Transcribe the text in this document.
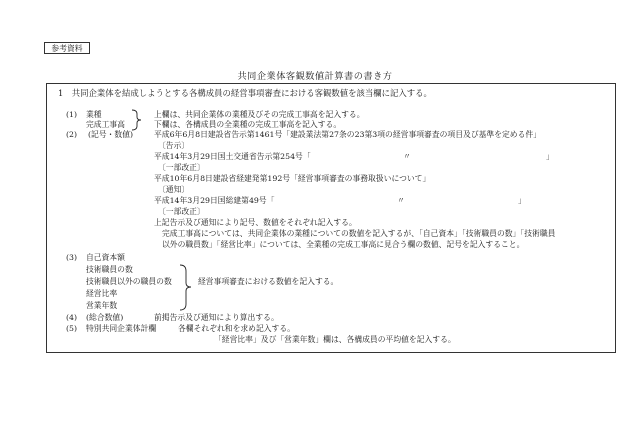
参考資料
共同企業体客観数値計算書の書き方
1　共同企業体を結成しようとする各構成員の経営事項審査における客観数値を該当欄に記入する。
(1) 業種
完成工事高
上欄は、共同企業体の業種及びその完成工事高を記入する。
下欄は、各構成員の全業種の完成工事高を記入する。
(2) (記号・数値)	平成6年6月8日建設省告示第1461号「建設業法第27条の23第3項の経営事項審査の項目及び基準を定める件」
〔告示〕
平成14年3月29日国土交通省告示第254号「	〃	」
〔一部改正〕
平成10年6月8日建設省経建発第192号「経営事項審査の事務取扱いについて」
〔通知〕
平成14年3月29日国総建第49号「	〃	」
〔一部改正〕
上記告示及び通知により記号、数値をそれぞれ記入する。
完成工事高については、共同企業体の業種についての数値を記入するが、「自己資本」「技術職員の数」「技術職員
以外の職員数」「経営比率」については、全業種の完成工事高に見合う欄の数値、記号を記入すること。
(3) 自己資本額
技術職員の数
技術職員以外の職員の数
経営比率
営業年数
経営事項審査における数値を記入する。
(4) (総合数値)	前掲告示及び通知により算出する。
(5) 特別共同企業体計欄	各欄それぞれ和を求め記入する。
「経営比率」及び「営業年数」欄は、各構成員の平均値を記入する。
